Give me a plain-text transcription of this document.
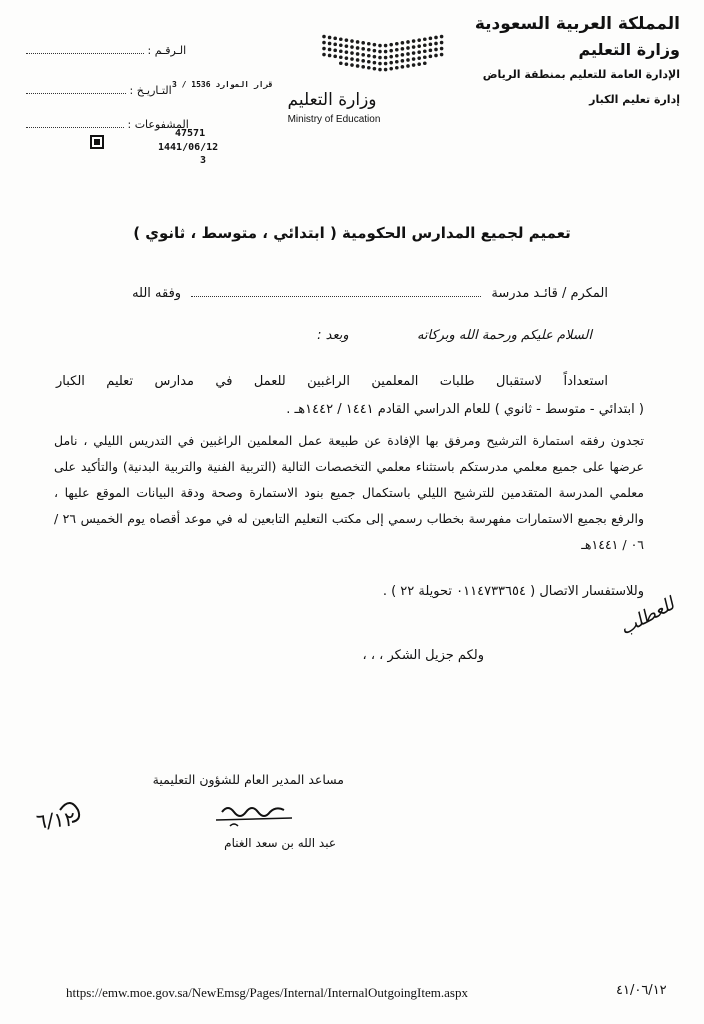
المملكة العربية السعودية
وزارة التعليم
الإدارة العامة للتعليم بمنطقة الرياض
إدارة تعليم الكبار
وزارة التعليم
Ministry of Education
الـرقـم :
التـاريـخ : قرار الموارد 1536 / 3
المشفوعات :
47571
1441/06/12
3
تعميم لجميع المدارس الحكومية ( ابتدائي ، متوسط ، ثانوي )
المكرم / قائـد مدرسة  وفقه الله
السلام عليكم ورحمة الله وبركاته  وبعد :
استعداداً لاستقبال طلبات المعلمين الراغبين للعمل في مدارس تعليم الكبار
( ابتدائي - متوسط - ثانوي ) للعام الدراسي القادم ١٤٤١ / ١٤٤٢هـ .
تجدون رفقه استمارة الترشيح ومرفق بها الإفادة عن طبيعة عمل المعلمين الراغبين في التدريس الليلي ، نامل عرضها على جميع معلمي مدرستكم باستثناء معلمي التخصصات التالية (التربية الفنية والتربية البدنية) والتأكيد على معلمي المدرسة المتقدمين للترشيح الليلي باستكمال جميع بنود الاستمارة وصحة ودقة البيانات الموقع عليها ، والرفع بجميع الاستمارات مفهرسة بخطاب رسمي إلى مكتب التعليم التابعين له في موعد أقصاه يوم الخميس ٢٦ / ٠٦ / ١٤٤١هـ
وللاستفسار الاتصال ( ٠١١٤٧٣٣٦٥٤ تحويلة ٢٢ ) .
للعطلب
ولكم جزيل الشكر ، ، ،
مساعد المدير العام للشؤون التعليمية
٦/١٢
عبد الله بن سعد الغنام
https://emw.moe.gov.sa/NewEmsg/Pages/Internal/InternalOutgoingItem.aspx	٤١/٠٦/١٢
